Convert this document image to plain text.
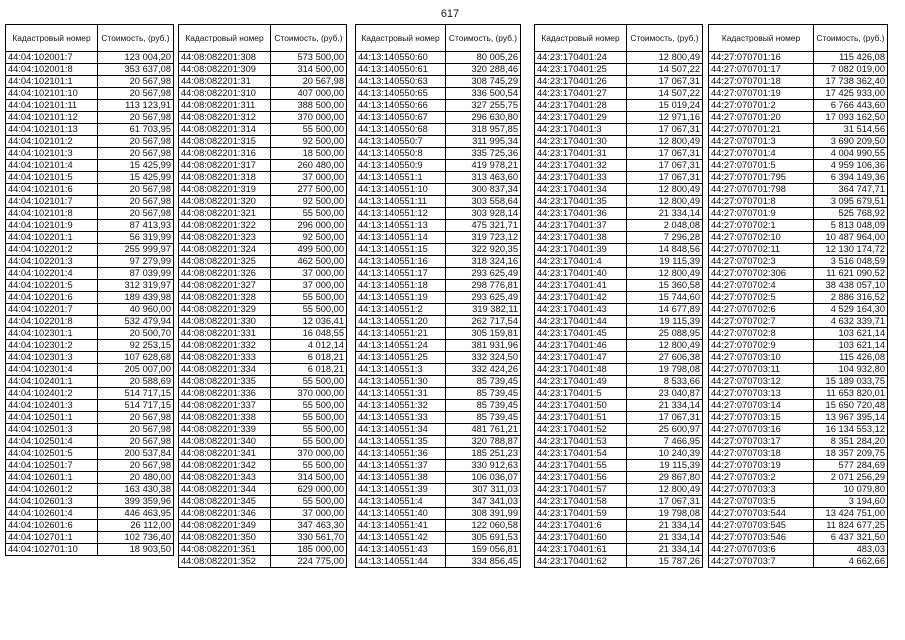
617
Кадастровый номер	Стоимость, (руб.)
44:04:102001:7	123 004,20
44:04:102001:8	353 637,08
44:04:102101:1	20 567,98
44:04:102101:10	20 567,98
44:04:102101:11	113 123,91
44:04:102101:12	20 567,98
44:04:102101:13	61 703,95
44:04:102101:2	20 567,98
44:04:102101:3	20 567,98
44:04:102101:4	15 425,99
44:04:102101:5	15 425,99
44:04:102101:6	20 567,98
44:04:102101:7	20 567,98
44:04:102101:8	20 567,98
44:04:102101:9	87 413,93
44:04:102201:1	56 319,99
44:04:102201:2	255 999,97
44:04:102201:3	97 279,99
44:04:102201:4	87 039,99
44:04:102201:5	312 319,97
44:04:102201:6	189 439,98
44:04:102201:7	40 960,00
44:04:102201:8	532 479,94
44:04:102301:1	20 500,70
44:04:102301:2	92 253,15
44:04:102301:3	107 628,68
44:04:102301:4	205 007,00
44:04:102401:1	20 588,69
44:04:102401:2	514 717,15
44:04:102401:3	514 717,15
44:04:102501:1	20 567,98
44:04:102501:3	20 567,98
44:04:102501:4	20 567,98
44:04:102501:5	200 537,84
44:04:102501:7	20 567,98
44:04:102601:1	20 480,00
44:04:102601:2	163 430,38
44:04:102601:3	399 359,96
44:04:102601:4	446 463,95
44:04:102601:6	26 112,00
44:04:102701:1	102 736,40
44:04:102701:10	18 903,50
Кадастровый номер	Стоимость, (руб.)
44:08:082201:308	573 500,00
44:08:082201:309	314 500,00
44:08:082201:31	20 567,98
44:08:082201:310	407 000,00
44:08:082201:311	388 500,00
44:08:082201:312	370 000,00
44:08:082201:314	55 500,00
44:08:082201:315	92 500,00
44:08:082201:316	18 500,00
44:08:082201:317	260 480,00
44:08:082201:318	37 000,00
44:08:082201:319	277 500,00
44:08:082201:320	92 500,00
44:08:082201:321	55 500,00
44:08:082201:322	296 000,00
44:08:082201:323	92 500,00
44:08:082201:324	499 500,00
44:08:082201:325	462 500,00
44:08:082201:326	37 000,00
44:08:082201:327	37 000,00
44:08:082201:328	55 500,00
44:08:082201:329	55 500,00
44:08:082201:330	12 036,41
44:08:082201:331	16 048,55
44:08:082201:332	4 012,14
44:08:082201:333	6 018,21
44:08:082201:334	6 018,21
44:08:082201:335	55 500,00
44:08:082201:336	370 000,00
44:08:082201:337	55 500,00
44:08:082201:338	55 500,00
44:08:082201:339	55 500,00
44:08:082201:340	55 500,00
44:08:082201:341	370 000,00
44:08:082201:342	55 500,00
44:08:082201:343	314 500,00
44:08:082201:344	629 000,00
44:08:082201:345	55 500,00
44:08:082201:346	37 000,00
44:08:082201:349	347 463,30
44:08:082201:350	330 561,70
44:08:082201:351	185 000,00
44:08:082201:352	224 775,00
Кадастровый номер	Стоимость, (руб.)
44:13:140550:60	80 005,26
44:13:140550:61	320 288,46
44:13:140550:63	308 745,29
44:13:140550:65	336 500,54
44:13:140550:66	327 255,75
44:13:140550:67	296 630,80
44:13:140550:68	318 957,85
44:13:140550:7	311 995,34
44:13:140550:8	335 725,36
44:13:140550:9	419 978,21
44:13:140551:1	313 463,60
44:13:140551:10	300 837,34
44:13:140551:11	303 558,64
44:13:140551:12	303 928,14
44:13:140551:13	475 321,71
44:13:140551:14	319 723,12
44:13:140551:15	322 920,35
44:13:140551:16	318 324,16
44:13:140551:17	293 625,49
44:13:140551:18	298 776,81
44:13:140551:19	293 625,49
44:13:140551:2	319 382,11
44:13:140551:20	262 717,54
44:13:140551:21	305 159,81
44:13:140551:24	381 931,96
44:13:140551:25	332 324,50
44:13:140551:3	332 424,26
44:13:140551:30	85 739,45
44:13:140551:31	85 739,45
44:13:140551:32	85 739,45
44:13:140551:33	85 739,45
44:13:140551:34	481 761,21
44:13:140551:35	320 788,87
44:13:140551:36	185 251,23
44:13:140551:37	330 912,63
44:13:140551:38	106 036,07
44:13:140551:39	307 311,03
44:13:140551:4	347 341,03
44:13:140551:40	308 391,99
44:13:140551:41	122 060,58
44:13:140551:42	305 691,53
44:13:140551:43	159 056,81
44:13:140551:44	334 856,45
Кадастровый номер	Стоимость, (руб.)
44:23:170401:24	12 800,49
44:23:170401:25	14 507,22
44:23:170401:26	17 067,31
44:23:170401:27	14 507,22
44:23:170401:28	15 019,24
44:23:170401:29	12 971,16
44:23:170401:3	17 067,31
44:23:170401:30	12 800,49
44:23:170401:31	17 067,31
44:23:170401:32	17 067,31
44:23:170401:33	17 067,31
44:23:170401:34	12 800,49
44:23:170401:35	12 800,49
44:23:170401:36	21 334,14
44:23:170401:37	2 048,08
44:23:170401:38	7 296,28
44:23:170401:39	14 848,56
44:23:170401:4	19 115,39
44:23:170401:40	12 800,49
44:23:170401:41	15 360,58
44:23:170401:42	15 744,60
44:23:170401:43	14 677,89
44:23:170401:44	19 115,39
44:23:170401:45	25 088,95
44:23:170401:46	12 800,49
44:23:170401:47	27 606,38
44:23:170401:48	19 798,08
44:23:170401:49	8 533,66
44:23:170401:5	23 040,87
44:23:170401:50	21 334,14
44:23:170401:51	17 067,31
44:23:170401:52	25 600,97
44:23:170401:53	7 466,95
44:23:170401:54	10 240,39
44:23:170401:55	19 115,39
44:23:170401:56	29 867,80
44:23:170401:57	12 800,49
44:23:170401:58	17 067,31
44:23:170401:59	19 798,08
44:23:170401:6	21 334,14
44:23:170401:60	21 334,14
44:23:170401:61	21 334,14
44:23:170401:62	15 787,26
Кадастровый номер	Стоимость, (руб.)
44:27:070701:16	115 426,08
44:27:070701:17	7 082 019,00
44:27:070701:18	17 738 362,40
44:27:070701:19	17 425 933,00
44:27:070701:2	6 766 443,60
44:27:070701:20	17 093 162,50
44:27:070701:21	31 514,56
44:27:070701:3	3 690 209,50
44:27:070701:4	4 004 990,55
44:27:070701:5	4 959 106,36
44:27:070701:795	6 394 149,36
44:27:070701:798	364 747,71
44:27:070701:8	3 095 679,51
44:27:070701:9	525 768,92
44:27:070702:1	5 813 048,09
44:27:070702:10	10 487 964,00
44:27:070702:11	12 130 174,72
44:27:070702:3	3 516 048,59
44:27:070702:306	11 621 090,52
44:27:070702:4	38 438 057,10
44:27:070702:5	2 886 316,52
44:27:070702:6	4 529 164,30
44:27:070702:7	4 632 339,71
44:27:070702:8	103 621,14
44:27:070702:9	103 621,14
44:27:070703:10	115 426,08
44:27:070703:11	104 932,80
44:27:070703:12	15 189 033,75
44:27:070703:13	11 653 820,01
44:27:070703:14	15 650 720,48
44:27:070703:15	13 967 395,14
44:27:070703:16	16 134 553,12
44:27:070703:17	8 351 284,20
44:27:070703:18	18 357 209,75
44:27:070703:19	577 284,69
44:27:070703:2	2 071 256,29
44:27:070703:3	10 079,80
44:27:070703:5	3 194,60
44:27:070703:544	13 424 751,00
44:27:070703:545	11 824 677,25
44:27:070703:546	6 437 321,50
44:27:070703:6	483,03
44:27:070703:7	4 662,66
